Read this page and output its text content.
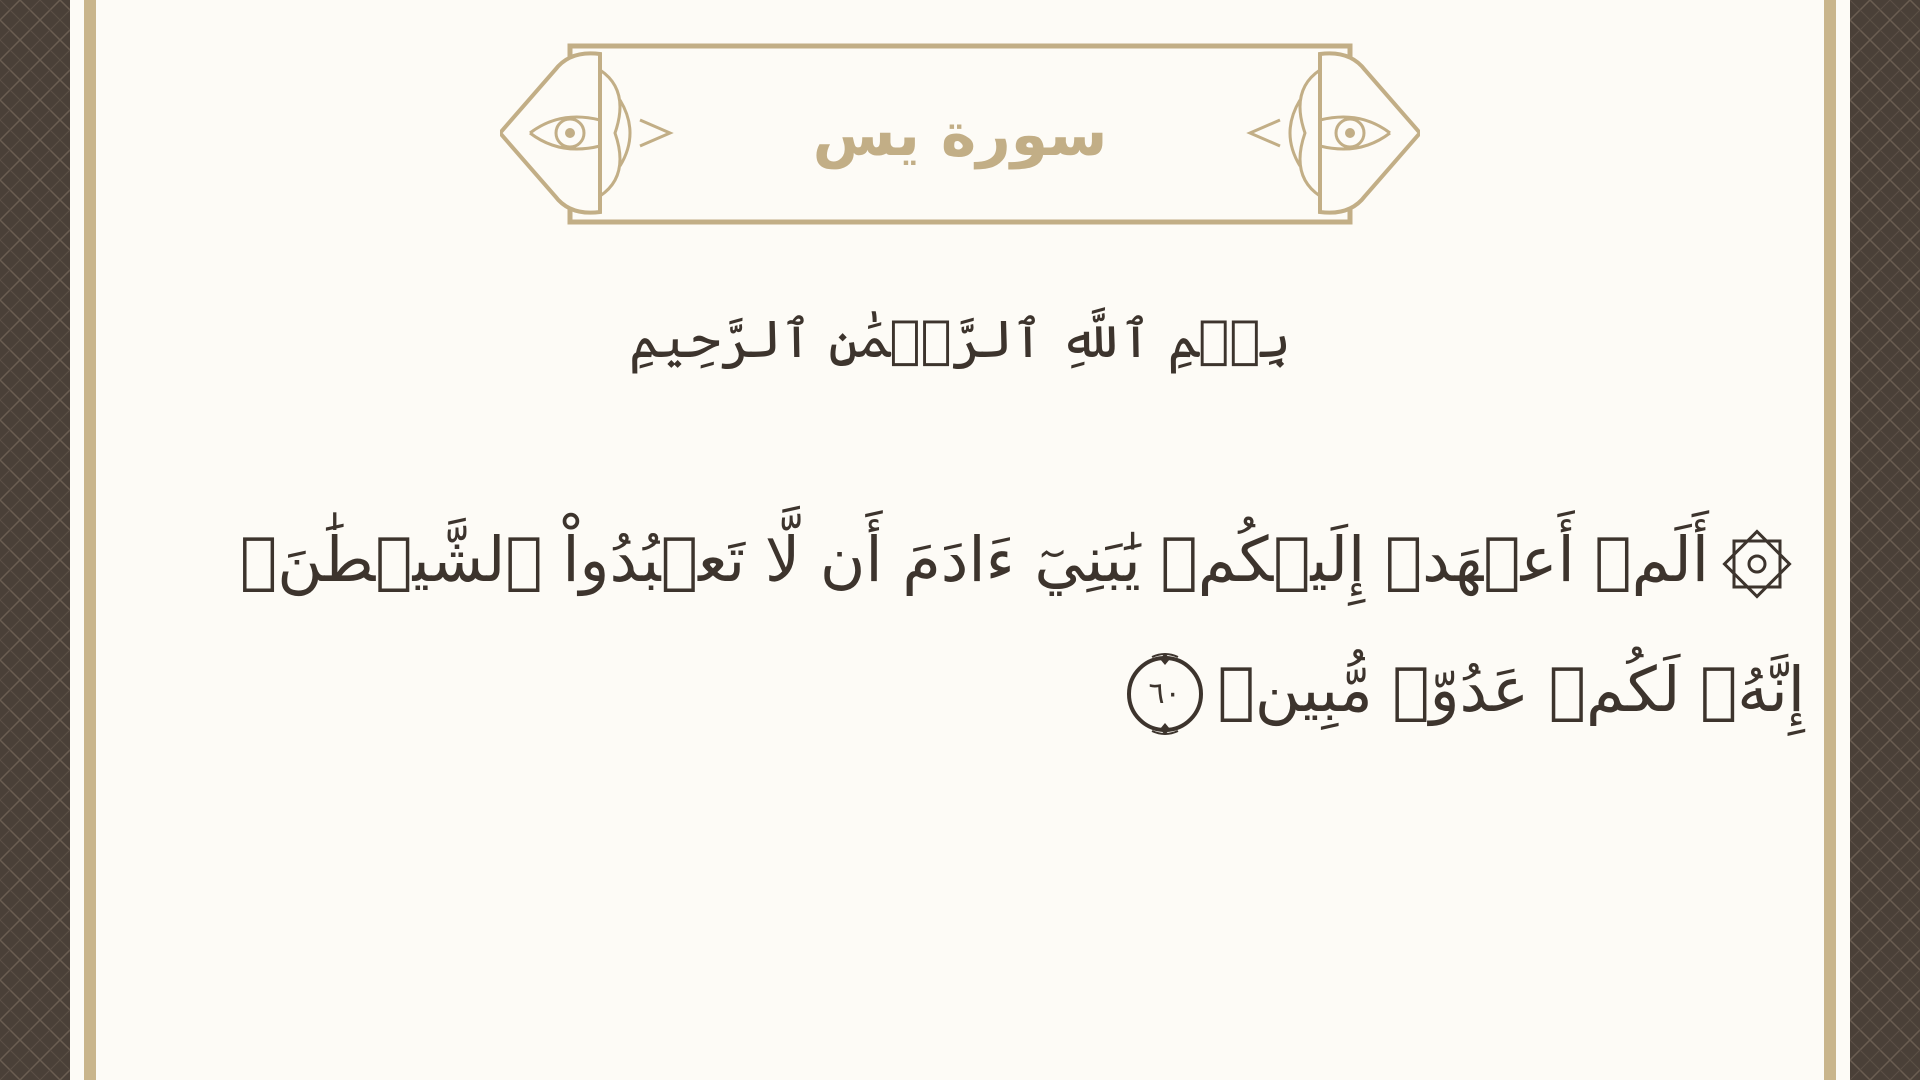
سورة يس
بِسۡمِ ٱللَّهِ ٱلرَّحۡمَٰنِ ٱلرَّحِيمِ
أَلَمۡ أَعۡهَدۡ إِلَيۡكُمۡ يَٰبَنِيٓ ءَادَمَ أَن لَّا تَعۡبُدُواْ ٱلشَّيۡطَٰنَۖ إِنَّهُۥ لَكُمۡ عَدُوّٞ مُّبِينٞ
٦٠
